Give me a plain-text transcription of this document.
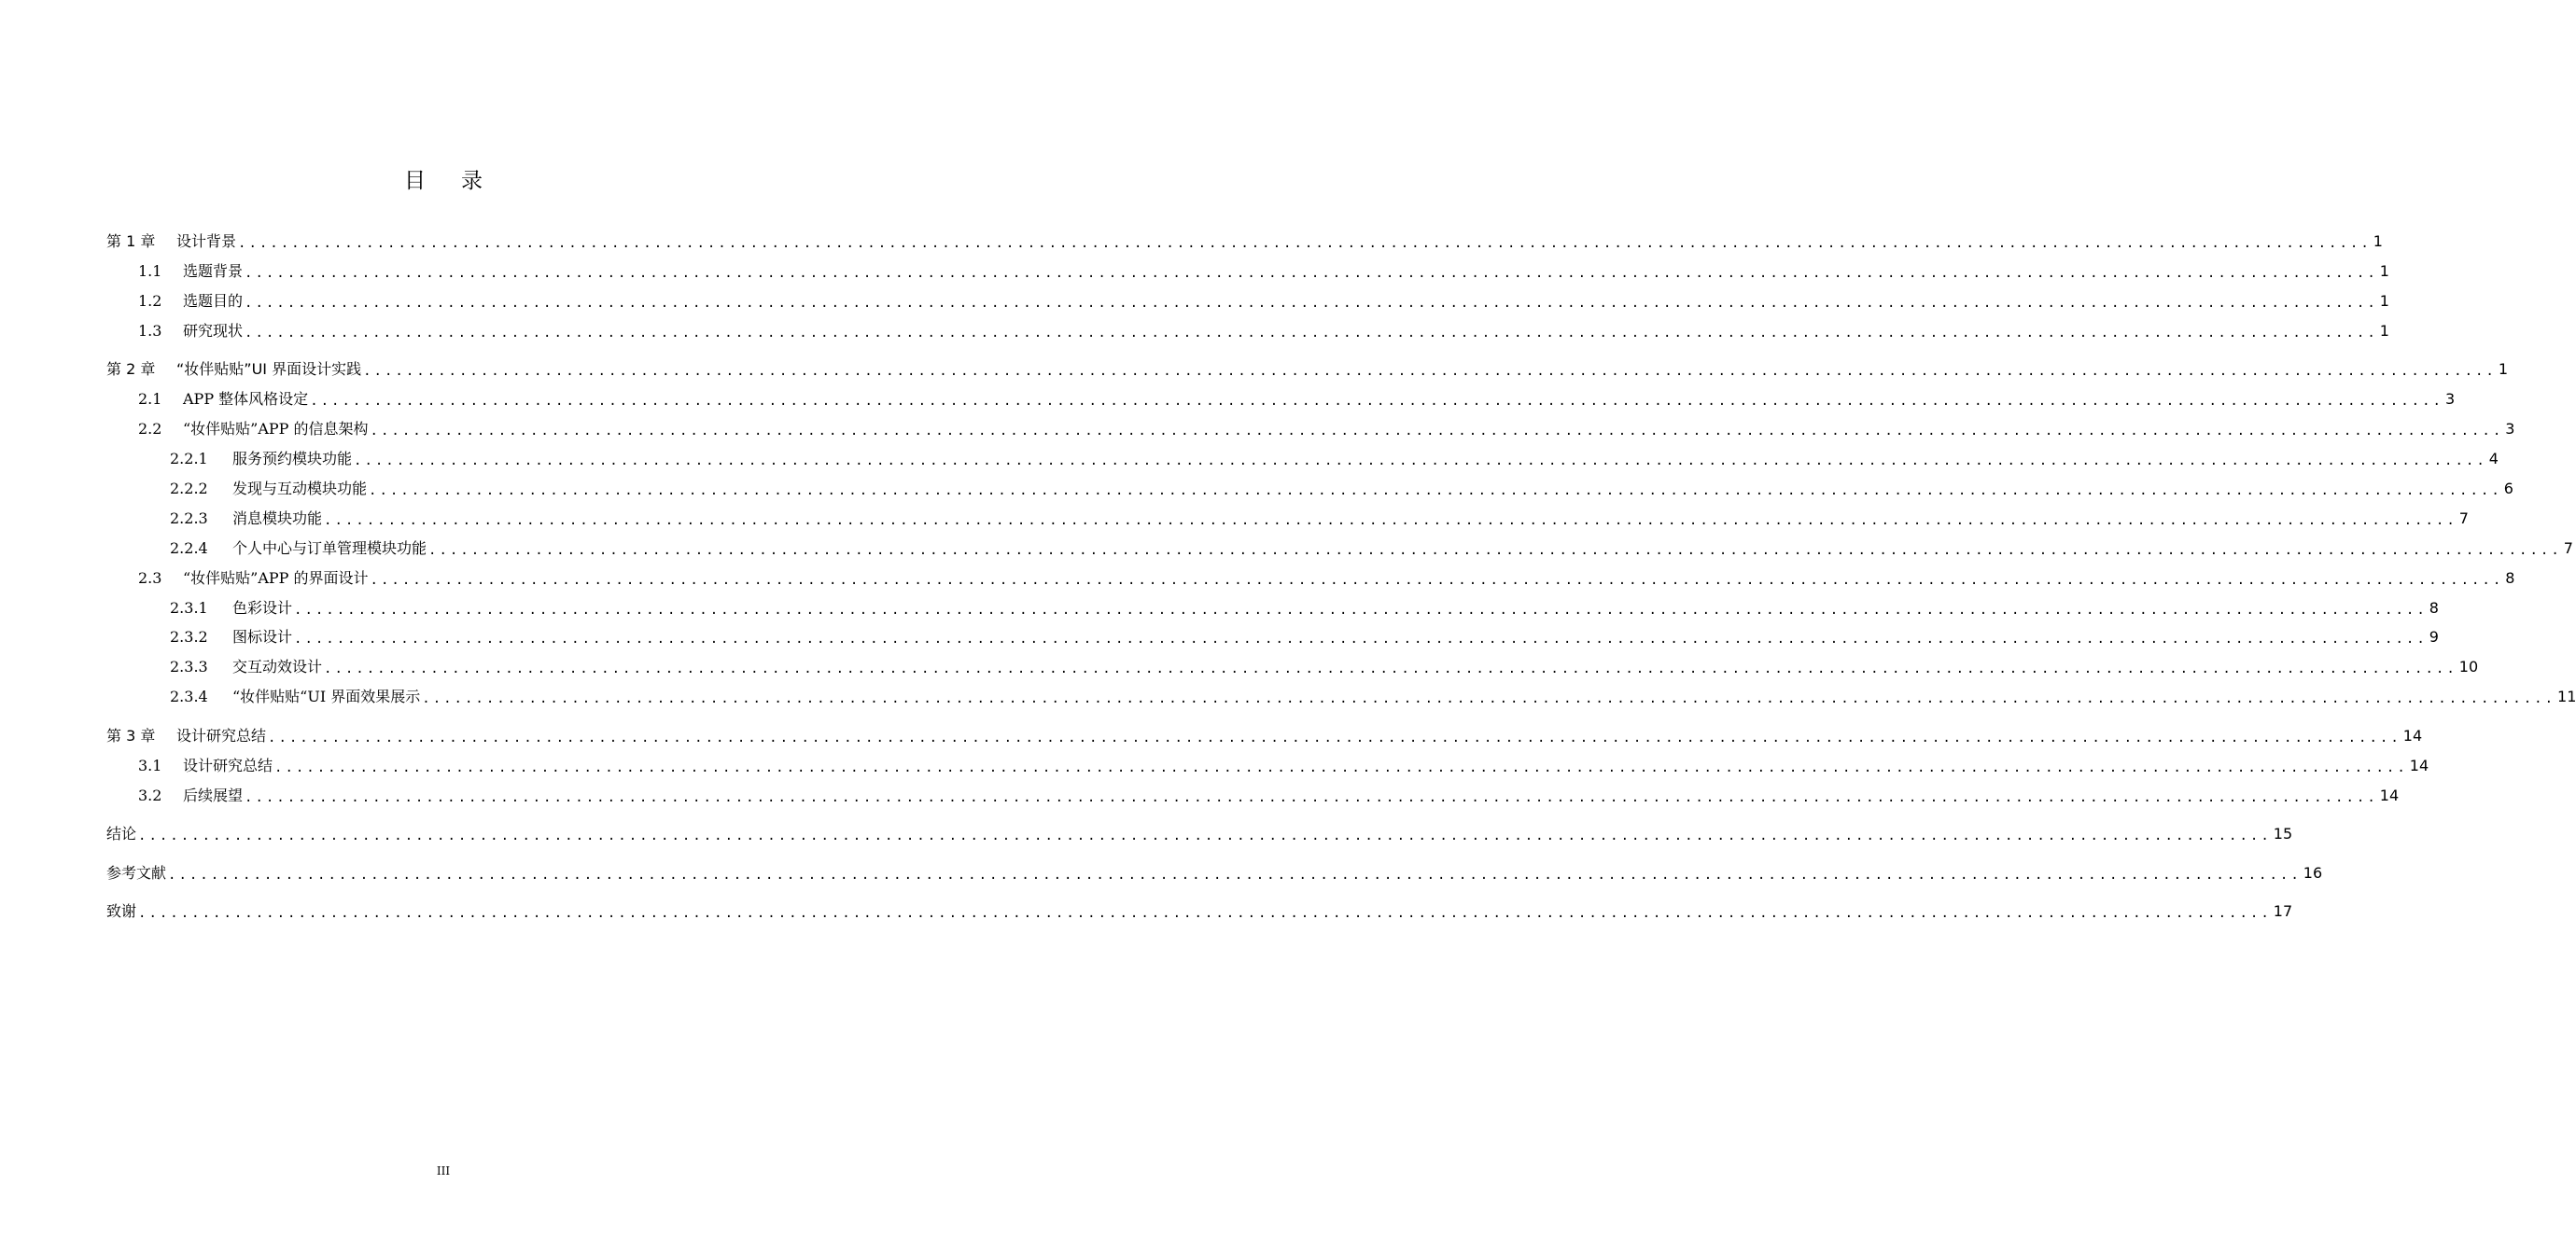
目录
第 1 章	设计背景 ........................................................................................................................................................................................................ 1
1.1	选题背景 ........................................................................................................................................................................................................ 1
1.2	选题目的 ........................................................................................................................................................................................................ 1
1.3	研究现状 ........................................................................................................................................................................................................ 1
第 2 章	“妆伴贴贴”UI 界面设计实践 ........................................................................................................................................................................................................ 1
2.1	APP 整体风格设定 ........................................................................................................................................................................................................ 3
2.2	“妆伴贴贴”APP 的信息架构 ........................................................................................................................................................................................................ 3
2.2.1	服务预约模块功能 ........................................................................................................................................................................................................ 4
2.2.2	发现与互动模块功能 ........................................................................................................................................................................................................ 6
2.2.3	消息模块功能 ........................................................................................................................................................................................................ 7
2.2.4	个人中心与订单管理模块功能 ........................................................................................................................................................................................................ 7
2.3	“妆伴贴贴”APP 的界面设计 ........................................................................................................................................................................................................ 8
2.3.1	色彩设计 ........................................................................................................................................................................................................ 8
2.3.2	图标设计 ........................................................................................................................................................................................................ 9
2.3.3	交互动效设计 ........................................................................................................................................................................................................ 10
2.3.4	“妆伴贴贴“UI 界面效果展示 ........................................................................................................................................................................................................ 11
第 3 章	设计研究总结 ........................................................................................................................................................................................................ 14
3.1	设计研究总结 ........................................................................................................................................................................................................ 14
3.2	后续展望 ........................................................................................................................................................................................................ 14
结论 ........................................................................................................................................................................................................ 15
参考文献 ........................................................................................................................................................................................................ 16
致谢 ........................................................................................................................................................................................................ 17
III
